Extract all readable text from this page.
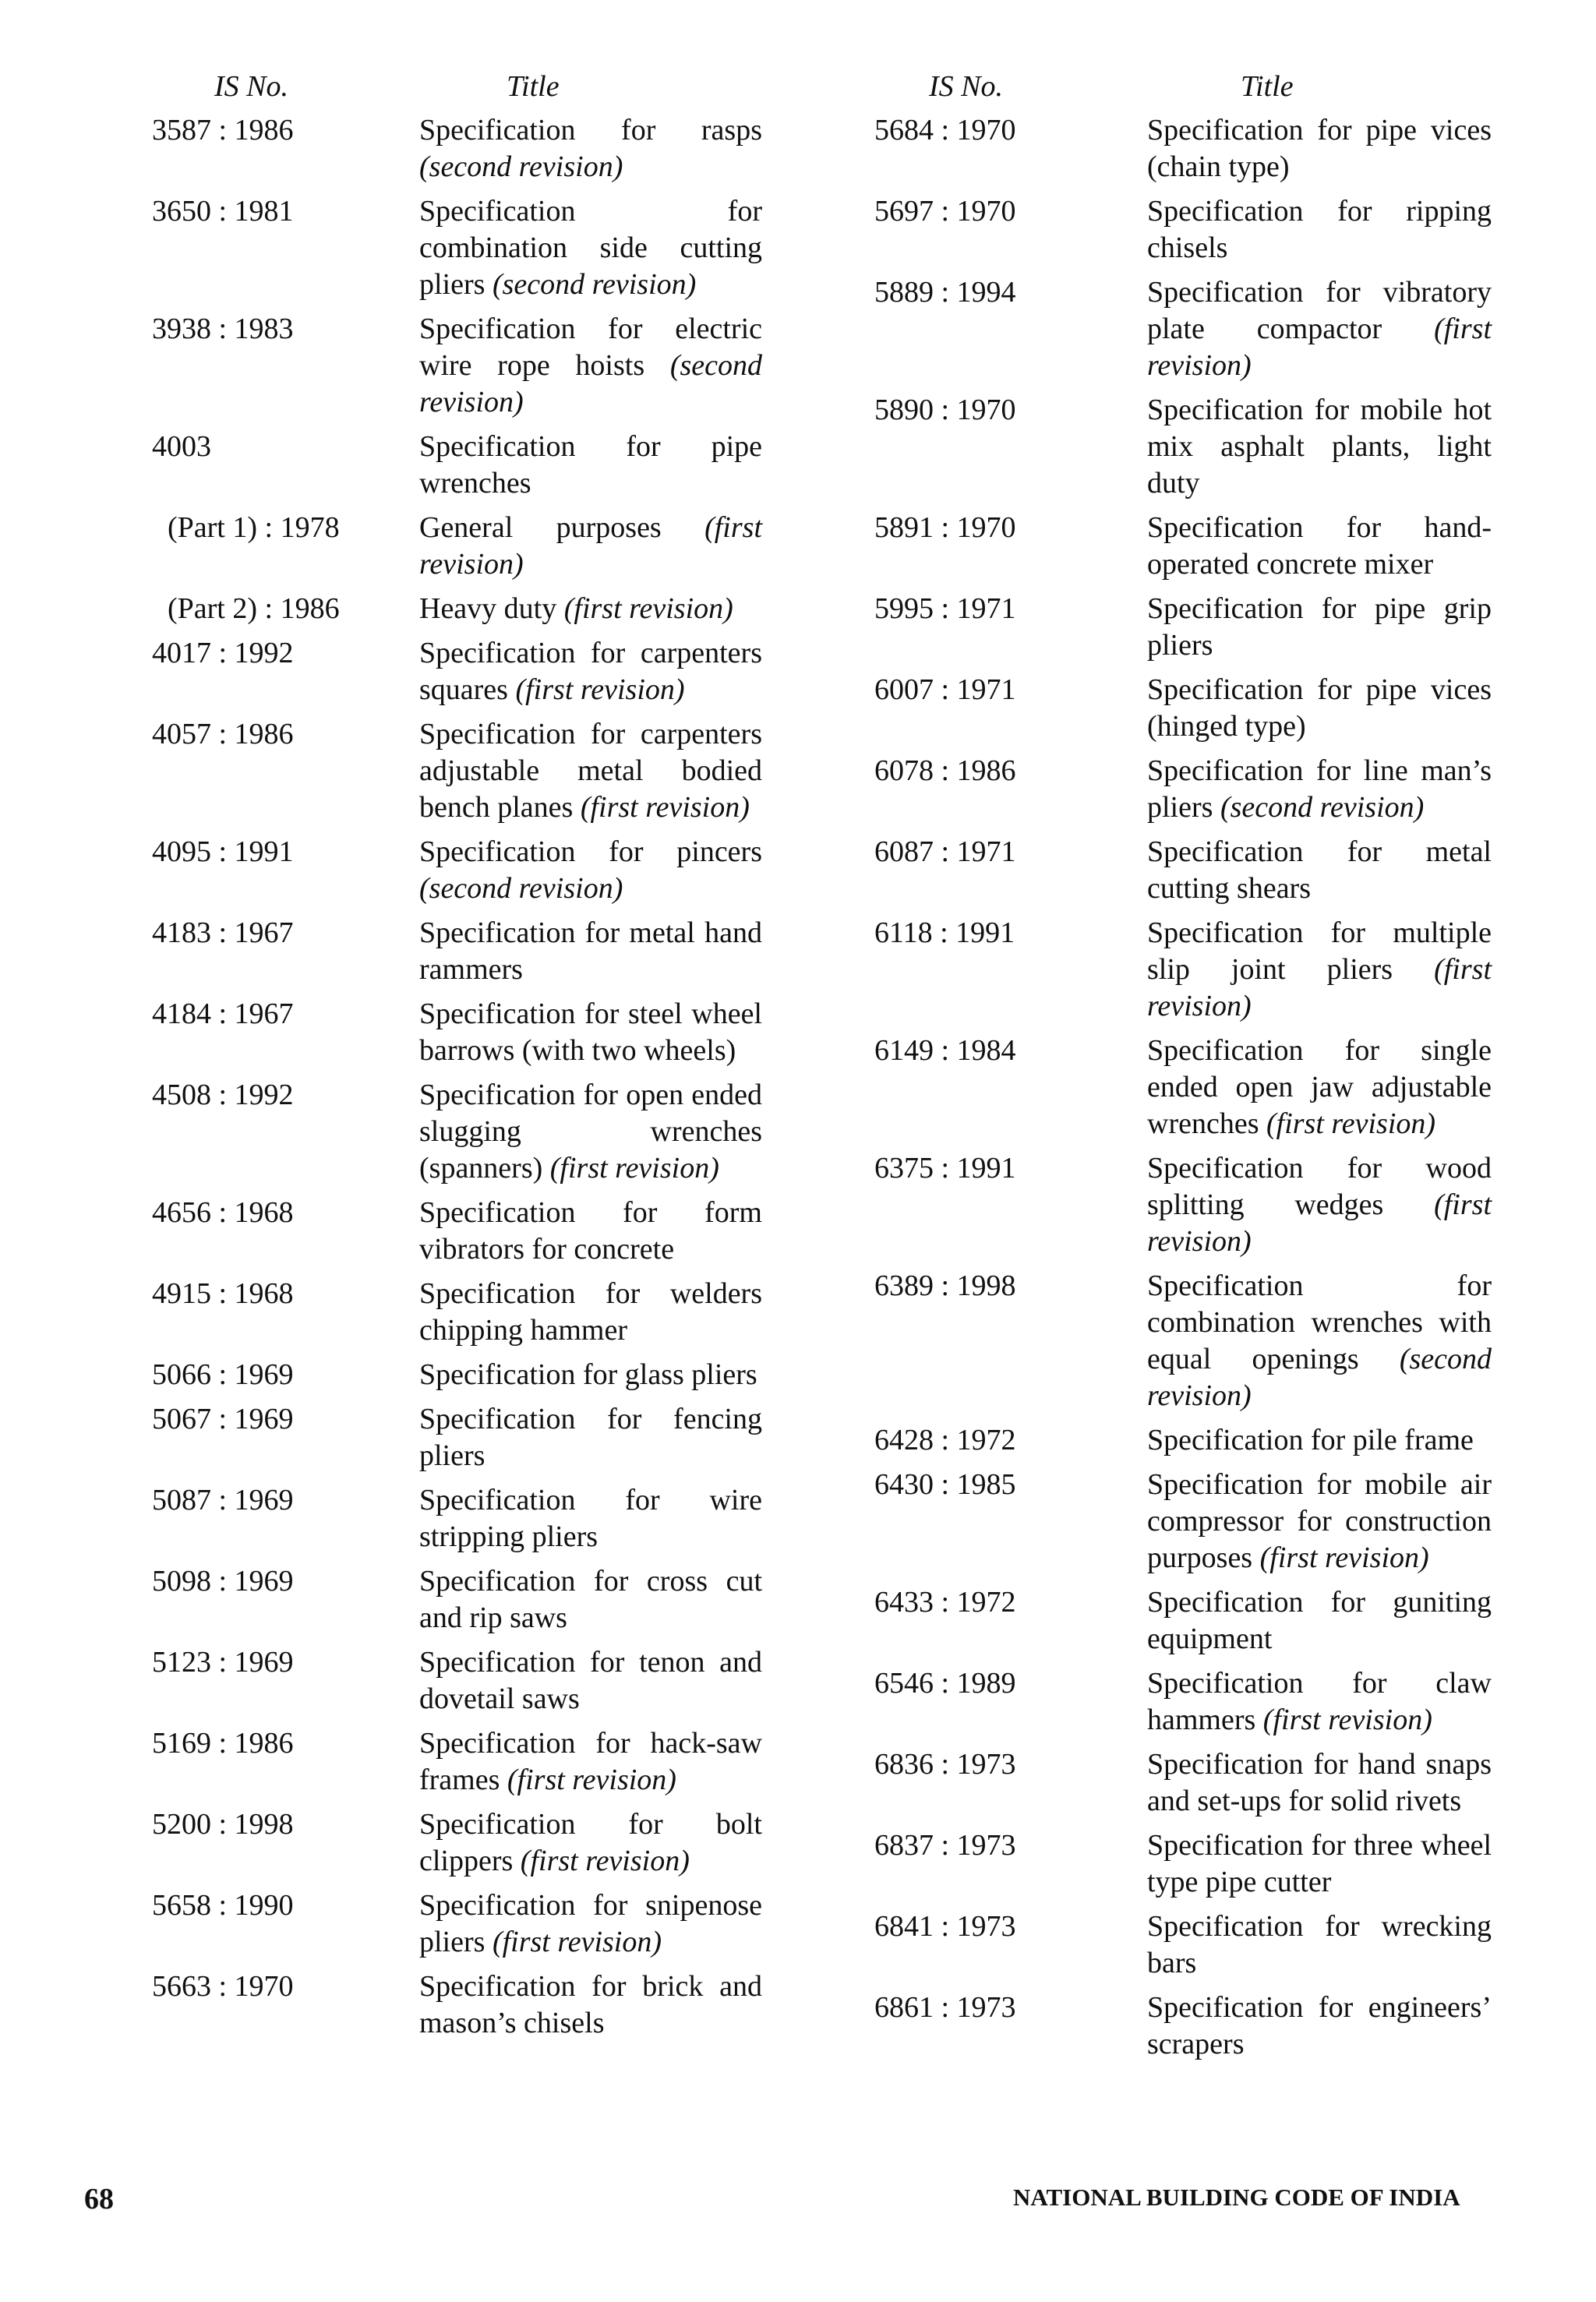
IS No.	Title
3587 : 1986	Specification for rasps (second revision)
3650 : 1981	Specification for combination side cutting pliers (second revision)
3938 : 1983	Specification for electric wire rope hoists (second revision)
4003	Specification for pipe wrenches
(Part 1) : 1978	General purposes (first revision)
(Part 2) : 1986	Heavy duty (first revision)
4017 : 1992	Specification for carpenters squares (first revision)
4057 : 1986	Specification for carpenters adjustable metal bodied bench planes (first revision)
4095 : 1991	Specification for pincers (second revision)
4183 : 1967	Specification for metal hand rammers
4184 : 1967	Specification for steel wheel barrows (with two wheels)
4508 : 1992	Specification for open ended slugging wrenches (spanners) (first revision)
4656 : 1968	Specification for form vibrators for concrete
4915 : 1968	Specification for welders chipping hammer
5066 : 1969	Specification for glass pliers
5067 : 1969	Specification for fencing pliers
5087 : 1969	Specification for wire stripping pliers
5098 : 1969	Specification for cross cut and rip saws
5123 : 1969	Specification for tenon and dovetail saws
5169 : 1986	Specification for hack-saw frames (first revision)
5200 : 1998	Specification for bolt clippers (first revision)
5658 : 1990	Specification for snipenose pliers (first revision)
5663 : 1970	Specification for brick and mason’s chisels
IS No.	Title
5684 : 1970	Specification for pipe vices (chain type)
5697 : 1970	Specification for ripping chisels
5889 : 1994	Specification for vibratory plate compactor (first revision)
5890 : 1970	Specification for mobile hot mix asphalt plants, light duty
5891 : 1970	Specification for hand-operated concrete mixer
5995 : 1971	Specification for pipe grip pliers
6007 : 1971	Specification for pipe vices (hinged type)
6078 : 1986	Specification for line man’s pliers (second revision)
6087 : 1971	Specification for metal cutting shears
6118 : 1991	Specification for multiple slip joint pliers (first revision)
6149 : 1984	Specification for single ended open jaw adjustable wrenches (first revision)
6375 : 1991	Specification for wood splitting wedges (first revision)
6389 : 1998	Specification for combination wrenches with equal openings (second revision)
6428 : 1972	Specification for pile frame
6430 : 1985	Specification for mobile air compressor for construction purposes (first revision)
6433 : 1972	Specification for guniting equipment
6546 : 1989	Specification for claw hammers (first revision)
6836 : 1973	Specification for hand snaps and set-ups for solid rivets
6837 : 1973	Specification for three wheel type pipe cutter
6841 : 1973	Specification for wrecking bars
6861 : 1973	Specification for engineers’ scrapers
68	NATIONAL BUILDING CODE OF INDIA
